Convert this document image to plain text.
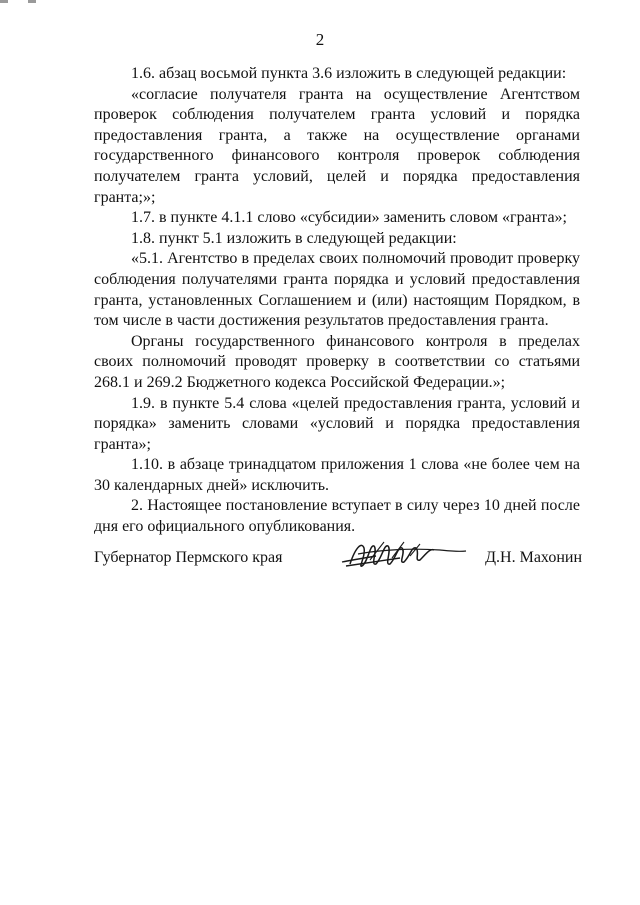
2

1.6. абзац восьмой пункта 3.6 изложить в следующей редакции:

«согласие получателя гранта на осуществление Агентством проверок соблюдения получателем гранта условий и порядка предоставления гранта, а также на осуществление органами государственного финансового контроля проверок соблюдения получателем гранта условий, целей и порядка предоставления гранта;»;

1.7. в пункте 4.1.1 слово «субсидии» заменить словом «гранта»;

1.8. пункт 5.1 изложить в следующей редакции:

«5.1. Агентство в пределах своих полномочий проводит проверку соблюдения получателями гранта порядка и условий предоставления гранта, установленных Соглашением и (или) настоящим Порядком, в том числе в части достижения результатов предоставления гранта.

Органы государственного финансового контроля в пределах своих полномочий проводят проверку в соответствии со статьями 268.1 и 269.2 Бюджетного кодекса Российской Федерации.»;

1.9. в пункте 5.4 слова «целей предоставления гранта, условий и порядка» заменить словами «условий и порядка предоставления гранта»;

1.10. в абзаце тринадцатом приложения 1 слова «не более чем на 30 календарных дней» исключить.

2. Настоящее постановление вступает в силу через 10 дней после дня его официального опубликования.

Губернатор Пермского края	Д.Н. Махонин
